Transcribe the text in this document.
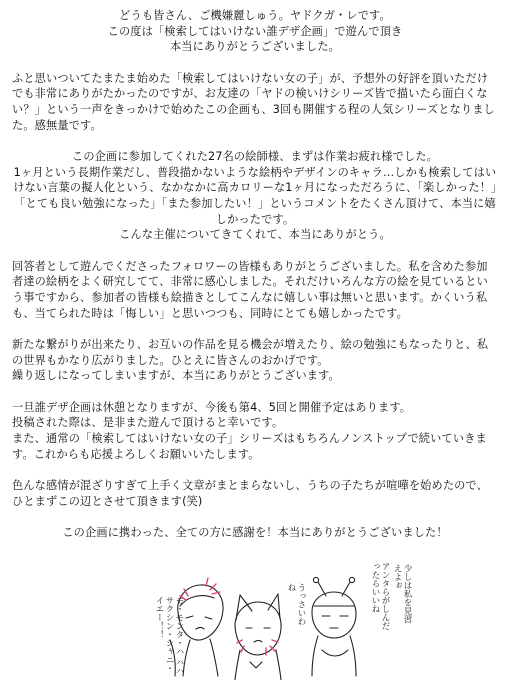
どうも皆さん、ご機嫌麗しゅう。ヤドクガ・レです。
この度は「検索してはいけない誰デザ企画」で遊んで頂き
本当にありがとうございました。

ふと思いついてたまたま始めた「検索してはいけない女の子」が、予想外の好評を頂いただけでも非常にありがたかったのですが、お友達の「ヤドの検いけシリーズ皆で描いたら面白くない？」という一声をきっかけで始めたこの企画も、3回も開催する程の人気シリーズとなりました。感無量です。

この企画に参加してくれた27名の絵師様、まずは作業お疲れ様でした。
1ヶ月という長期作業だし、普段描かないような絵柄やデザインのキャラ…しかも検索してはいけない言葉の擬人化という、なかなかに高カロリーな1ヶ月になっただろうに、「楽しかった！」「とても良い勉強になった」「また参加したい！」というコメントをたくさん頂けて、本当に嬉しかったです。
こんな主催についてきてくれて、本当にありがとう。

回答者として遊んでくださったフォロワーの皆様もありがとうございました。私を含めた参加者達の絵柄をよく研究してて、非常に感心しました。それだけいろんな方の絵を見ているという事ですから、参加者の皆様も絵描きとしてこんなに嬉しい事は無いと思います。かくいう私も、当てられた時は「悔しい」と思いつつも、同時にとても嬉しかったです。

新たな繋がりが出来たり、お互いの作品を見る機会が増えたり、絵の勉強にもなったりと、私の世界もかなり広がりました。ひとえに皆さんのおかげです。
繰り返しになってしまいますが、本当にありがとうございます。

一旦誰デザ企画は休憩となりますが、今後も第4、5回と開催予定はあります。
投稿された際は、是非また遊んで頂けると幸いです。
また、通常の「検索してはいけない女の子」シリーズはもちろんノンストップで続いていきます。これからも応援よろしくお願いいたします。

色んな感情が混ざりすぎて上手く文章がまとまらないし、うちの子たちが喧嘩を始めたので、ひとまずこの辺とさせて頂きます(笑)

この企画に携わった、全ての方に感謝を！本当にありがとうございました！

モ・モンタ・ハ ハハ サクシン・シャニ・イエー！！	うっさいわね	アンタらがしんだったらいいね	少しは私を見習えよぉ
